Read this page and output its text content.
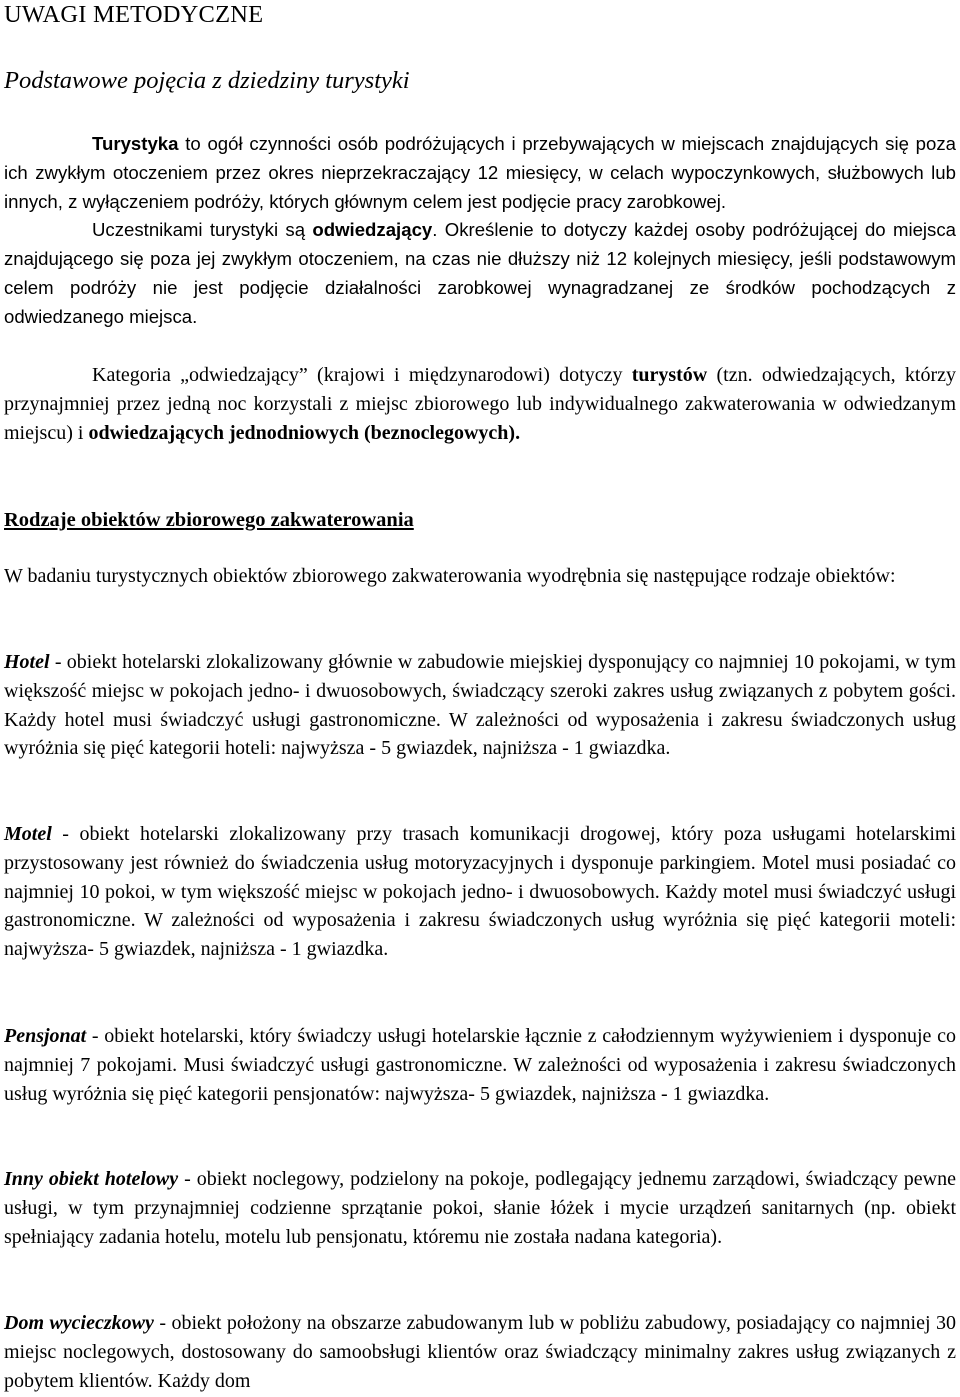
UWAGI METODYCZNE
Podstawowe pojęcia z dziedziny turystyki

Turystyka to ogół czynności osób podróżujących i przebywających w miejscach znajdujących się poza ich zwykłym otoczeniem przez okres nieprzekraczający 12 miesięcy, w celach wypoczynkowych, służbowych lub innych, z wyłączeniem podróży, których głównym celem jest podjęcie pracy zarobkowej.

Uczestnikami turystyki są odwiedzający. Określenie to dotyczy każdej osoby podróżującej do miejsca znajdującego się poza jej zwykłym otoczeniem, na czas nie dłuższy niż 12 kolejnych miesięcy, jeśli podstawowym celem podróży nie jest podjęcie działalności zarobkowej wynagradzanej ze środków pochodzących z odwiedzanego miejsca.

Kategoria „odwiedzający” (krajowi i międzynarodowi) dotyczy turystów (tzn. odwiedzających, którzy przynajmniej przez jedną noc korzystali z miejsc zbiorowego lub indywidualnego zakwaterowania w odwiedzanym miejscu) i odwiedzających jednodniowych (beznoclegowych).

Rodzaje obiektów zbiorowego zakwaterowania

W badaniu turystycznych obiektów zbiorowego zakwaterowania wyodrębnia się następujące rodzaje obiektów:

Hotel - obiekt hotelarski zlokalizowany głównie w zabudowie miejskiej dysponujący co najmniej 10 pokojami, w tym większość miejsc w pokojach jedno- i dwuosobowych, świadczący szeroki zakres usług związanych z pobytem gości. Każdy hotel musi świadczyć usługi gastronomiczne. W zależności od wyposażenia i zakresu świadczonych usług wyróżnia się pięć kategorii hoteli: najwyższa - 5 gwiazdek, najniższa - 1 gwiazdka.

Motel - obiekt hotelarski zlokalizowany przy trasach komunikacji drogowej, który poza usługami hotelarskimi przystosowany jest również do świadczenia usług motoryzacyjnych i dysponuje parkingiem. Motel musi posiadać co najmniej 10 pokoi, w tym większość miejsc w pokojach jedno- i dwuosobowych. Każdy motel musi świadczyć usługi gastronomiczne. W zależności od wyposażenia i zakresu świadczonych usług wyróżnia się pięć kategorii moteli: najwyższa- 5 gwiazdek, najniższa - 1 gwiazdka.

Pensjonat - obiekt hotelarski, który świadczy usługi hotelarskie łącznie z całodziennym wyżywieniem i dysponuje co najmniej 7 pokojami. Musi świadczyć usługi gastronomiczne. W zależności od wyposażenia i zakresu świadczonych usług wyróżnia się pięć kategorii pensjonatów: najwyższa- 5 gwiazdek, najniższa - 1 gwiazdka.

Inny obiekt hotelowy - obiekt noclegowy, podzielony na pokoje, podlegający jednemu zarządowi, świadczący pewne usługi, w tym przynajmniej codzienne sprzątanie pokoi, słanie łóżek i mycie urządzeń sanitarnych (np. obiekt spełniający zadania hotelu, motelu lub pensjonatu, któremu nie została nadana kategoria).

Dom wycieczkowy - obiekt położony na obszarze zabudowanym lub w pobliżu zabudowy, posiadający co najmniej 30 miejsc noclegowych, dostosowany do samoobsługi klientów oraz świadczący minimalny zakres usług związanych z pobytem klientów. Każdy dom
